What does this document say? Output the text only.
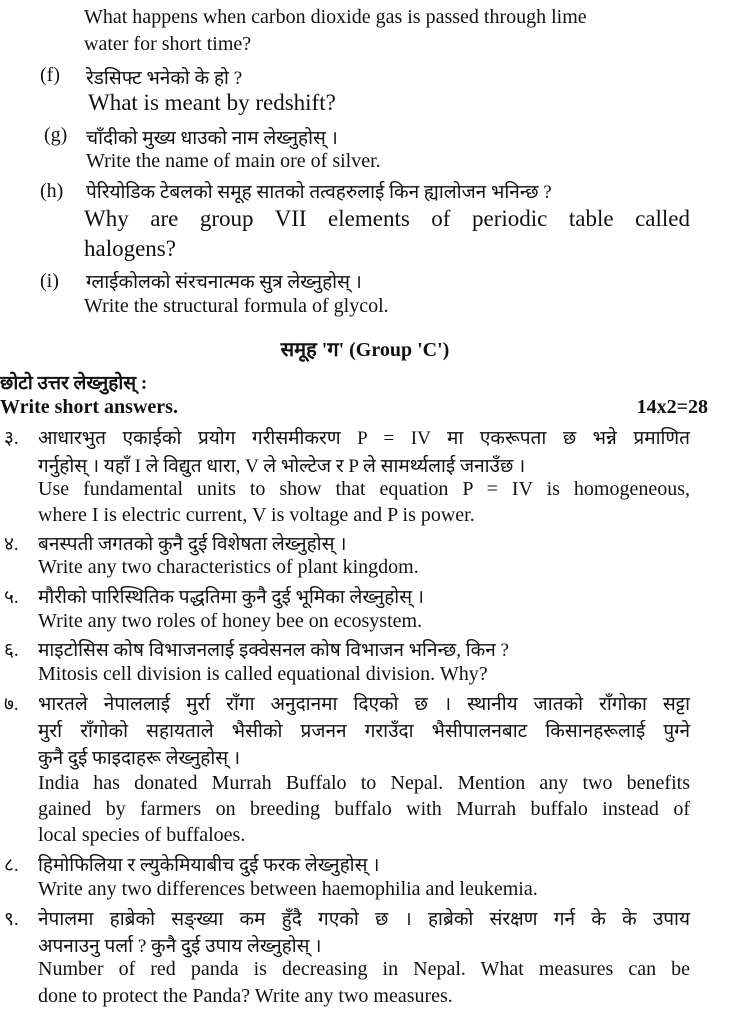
What happens when carbon dioxide gas is passed through lime
water for short time?
(f) रेडसिफ्ट भनेको के हो ?
What is meant by redshift?
(g) चाँदीको मुख्य धाउको नाम लेख्नुहोस् ।
Write the name of main ore of silver.
(h) पेरियोडिक टेबलको समूह सातको तत्वहरुलाई किन ह्यालोजन भनिन्छ ?
Why are group VII elements of periodic table called
halogens?
(i) ग्लाईकोलको संरचनात्मक सुत्र लेख्नुहोस् ।
Write the structural formula of glycol.
समूह 'ग' (Group 'C')
छोटो उत्तर लेख्नुहोस् :
Write short answers.	14x2=28
३. आधारभुत एकाईको प्रयोग गरीसमीकरण P = IV मा एकरूपता छ भन्ने प्रमाणित
गर्नुहोस् । यहाँ I ले विद्युत धारा, V ले भोल्टेज र P ले सामर्थ्यलाई जनाउँछ ।
Use fundamental units to show that equation P = IV is homogeneous,
where I is electric current, V is voltage and P is power.
४. बनस्पती जगतको कुनै दुई विशेषता लेख्नुहोस् ।
Write any two characteristics of plant kingdom.
५. मौरीको पारिस्थितिक पद्धतिमा कुनै दुई भूमिका लेख्नुहोस् ।
Write any two roles of honey bee on ecosystem.
६. माइटोसिस कोष विभाजनलाई इक्वेसनल कोष विभाजन भनिन्छ, किन ?
Mitosis cell division is called equational division. Why?
७. भारतले नेपाललाई मुर्रा राँगा अनुदानमा दिएको छ । स्थानीय जातको राँगोका सट्टा
मुर्रा राँगोको सहायताले भैसीको प्रजनन गराउँदा भैसीपालनबाट किसानहरूलाई पुग्ने
कुनै दुई फाइदाहरू लेख्नुहोस् ।
India has donated Murrah Buffalo to Nepal. Mention any two benefits
gained by farmers on breeding buffalo with Murrah buffalo instead of
local species of buffaloes.
८. हिमोफिलिया र ल्युकेमियाबीच दुई फरक लेख्नुहोस् ।
Write any two differences between haemophilia and leukemia.
९. नेपालमा हाब्रेको सङ्ख्या कम हुँदै गएको छ । हाब्रेको संरक्षण गर्न के के उपाय
अपनाउनु पर्ला ? कुनै दुई उपाय लेख्नुहोस् ।
Number of red panda is decreasing in Nepal. What measures can be
done to protect the Panda? Write any two measures.
